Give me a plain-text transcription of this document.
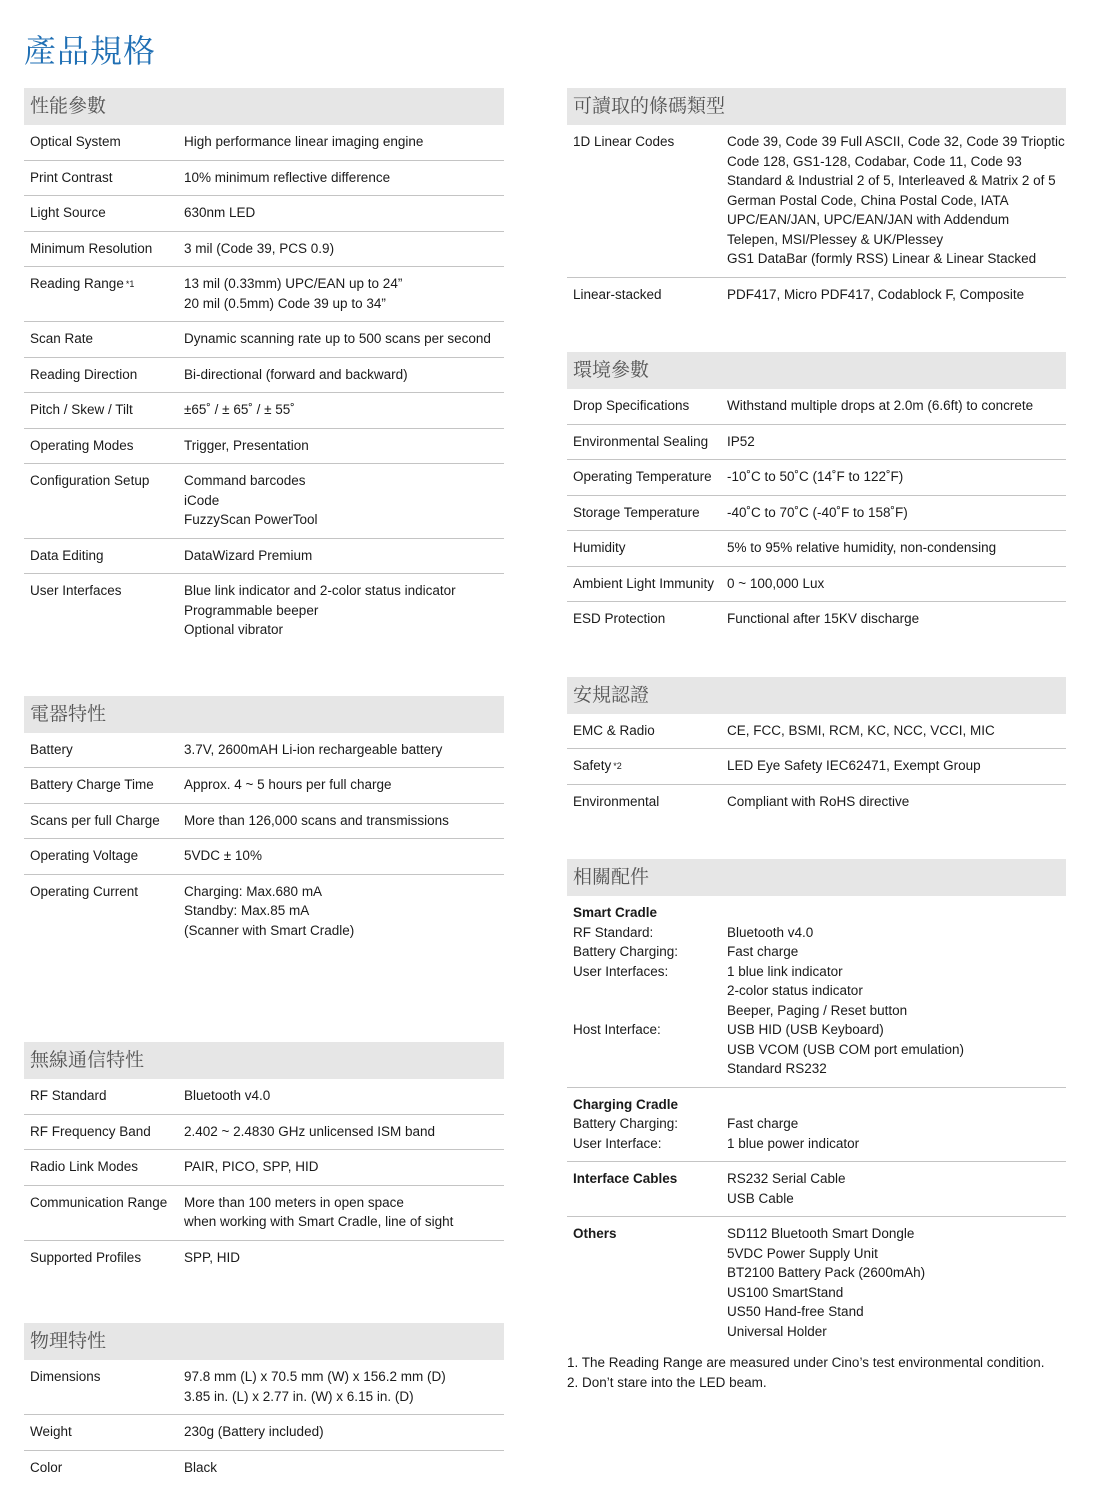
產品規格
性能參數
Optical System	High performance linear imaging engine
Print Contrast	10% minimum reflective difference
Light Source	630nm LED
Minimum Resolution	3 mil (Code 39, PCS 0.9)
Reading Range $^{*1}$	13 mil (0.33mm) UPC/EAN up to 24”
20 mil (0.5mm) Code 39 up to 34”
Scan Rate	Dynamic scanning rate up to 500 scans per second
Reading Direction	Bi-directional (forward and backward)
Pitch / Skew / Tilt	±65˚ / ± 65˚ / ± 55˚
Operating Modes	Trigger, Presentation
Configuration Setup	Command barcodes
iCode
FuzzyScan PowerTool
Data Editing	DataWizard Premium
User Interfaces	Blue link indicator and 2-color status indicator
Programmable beeper
Optional vibrator
電器特性
Battery	3.7V, 2600mAH Li-ion rechargeable battery
Battery Charge Time	Approx. 4 ~ 5 hours per full charge
Scans per full Charge	More than 126,000 scans and transmissions
Operating Voltage	5VDC ± 10%
Operating Current	Charging: Max.680 mA
Standby: Max.85 mA
(Scanner with Smart Cradle)
無線通信特性
RF Standard	Bluetooth v4.0
RF Frequency Band	2.402 ~ 2.4830 GHz unlicensed ISM band
Radio Link Modes	PAIR, PICO, SPP, HID
Communication Range	More than 100 meters in open space
when working with Smart Cradle, line of sight
Supported Profiles	SPP, HID
物理特性
Dimensions	97.8 mm (L) x 70.5 mm (W) x 156.2 mm (D)
3.85 in. (L) x 2.77 in. (W) x 6.15 in. (D)
Weight	230g (Battery included)
Color	Black
可讀取的條碼類型
1D Linear Codes	Code 39, Code 39 Full ASCII, Code 32, Code 39 Trioptic
Code 128, GS1-128, Codabar, Code 11, Code 93
Standard & Industrial 2 of 5, Interleaved & Matrix 2 of 5
German Postal Code, China Postal Code, IATA
UPC/EAN/JAN, UPC/EAN/JAN with Addendum
Telepen, MSI/Plessey & UK/Plessey
GS1 DataBar (formly RSS) Linear & Linear Stacked
Linear-stacked	PDF417, Micro PDF417, Codablock F, Composite
環境參數
Drop Specifications	Withstand multiple drops at 2.0m (6.6ft) to concrete
Environmental Sealing	IP52
Operating Temperature	-10˚C to 50˚C (14˚F to 122˚F)
Storage Temperature	-40˚C to 70˚C (-40˚F to 158˚F)
Humidity	5% to 95% relative humidity, non-condensing
Ambient Light Immunity 0 ~ 100,000 Lux
ESD Protection	Functional after 15KV discharge
安規認證
EMC & Radio	CE, FCC, BSMI, RCM, KC, NCC, VCCI, MIC
Safety $^{*2}$	LED Eye Safety IEC62471, Exempt Group
Environmental	Compliant with RoHS directive
相關配件
Smart Cradle
RF Standard:	Bluetooth v4.0
Battery Charging:	Fast charge
User Interfaces:	1 blue link indicator
2-color status indicator
Beeper, Paging / Reset button
Host Interface:	USB HID (USB Keyboard)
USB VCOM (USB COM port emulation)
Standard RS232
Charging Cradle
Battery Charging:	Fast charge
User Interface:	1 blue power indicator
Interface Cables	RS232 Serial Cable
USB Cable
Others	SD112 Bluetooth Smart Dongle
5VDC Power Supply Unit
BT2100 Battery Pack (2600mAh)
US100 SmartStand
US50 Hand-free Stand
Universal Holder
1. The Reading Range are measured under Cino’s test environmental condition.
2. Don’t stare into the LED beam.
